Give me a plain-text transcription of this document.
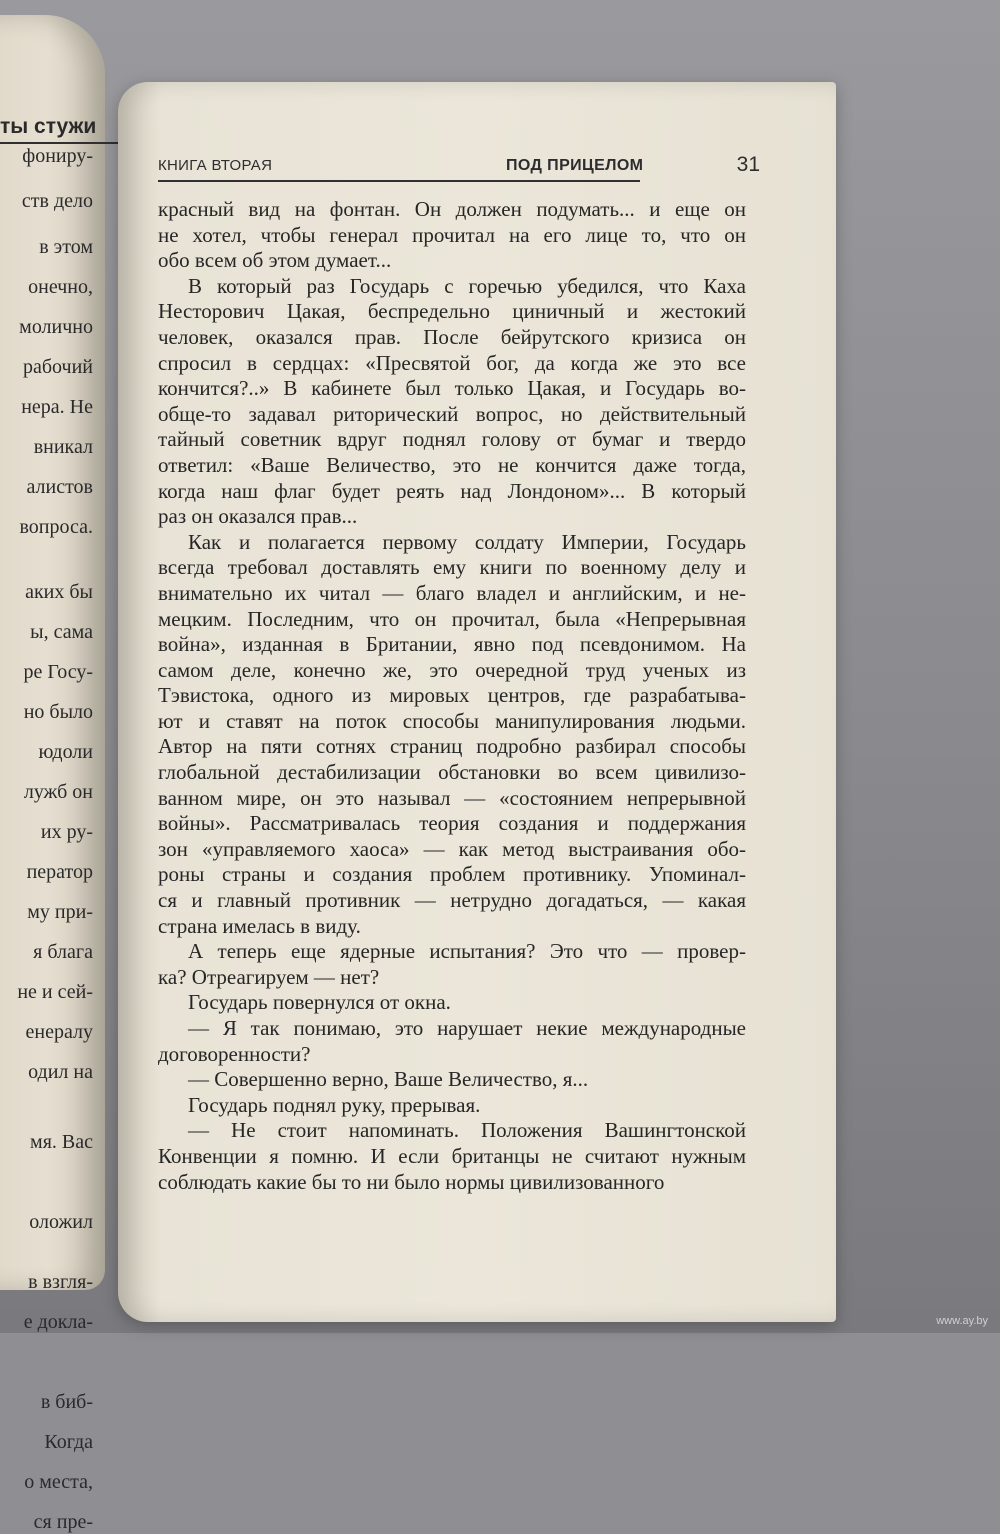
ты стужи
фониру-
ств дело
в этом
онечно,
молично
рабочий
нера. Не
вникал
алистов
вопроса.
аких бы
ы, сама
ре Госу-
но было
юдоли
лужб он
их ру-
ператор
му при-
я блага
не и сей-
енералу
одил на
мя. Вас
оложил
в взгля-
е докла-
в биб-
Когда
о места,
ся пре-
КНИГА ВТОРАЯ	ПОД ПРИЦЕЛОМ	31
красный вид на фонтан. Он должен подумать... и еще он
не хотел, чтобы генерал прочитал на его лице то, что он
обо всем об этом думает...
В который раз Государь с горечью убедился, что Каха
Несторович Цакая, беспредельно циничный и жестокий
человек, оказался прав. После бейрутского кризиса он
спросил в сердцах: «Пресвятой бог, да когда же это все
кончится?..» В кабинете был только Цакая, и Государь во-
обще-то задавал риторический вопрос, но действительный
тайный советник вдруг поднял голову от бумаг и твердо
ответил: «Ваше Величество, это не кончится даже тогда,
когда наш флаг будет реять над Лондоном»... В который
раз он оказался прав...
Как и полагается первому солдату Империи, Государь
всегда требовал доставлять ему книги по военному делу и
внимательно их читал — благо владел и английским, и не-
мецким. Последним, что он прочитал, была «Непрерывная
война», изданная в Британии, явно под псевдонимом. На
самом деле, конечно же, это очередной труд ученых из
Тэвистока, одного из мировых центров, где разрабатыва-
ют и ставят на поток способы манипулирования людьми.
Автор на пяти сотнях страниц подробно разбирал способы
глобальной дестабилизации обстановки во всем цивилизо-
ванном мире, он это называл — «состоянием непрерывной
войны». Рассматривалась теория создания и поддержания
зон «управляемого хаоса» — как метод выстраивания обо-
роны страны и создания проблем противнику. Упоминал-
ся и главный противник — нетрудно догадаться, — какая
страна имелась в виду.
А теперь еще ядерные испытания? Это что — провер-
ка? Отреагируем — нет?
Государь повернулся от окна.
— Я так понимаю, это нарушает некие международные
договоренности?
— Совершенно верно, Ваше Величество, я...
Государь поднял руку, прерывая.
— Не стоит напоминать. Положения Вашингтонской
Конвенции я помню. И если британцы не считают нужным
соблюдать какие бы то ни было нормы цивилизованного
www.ay.by
